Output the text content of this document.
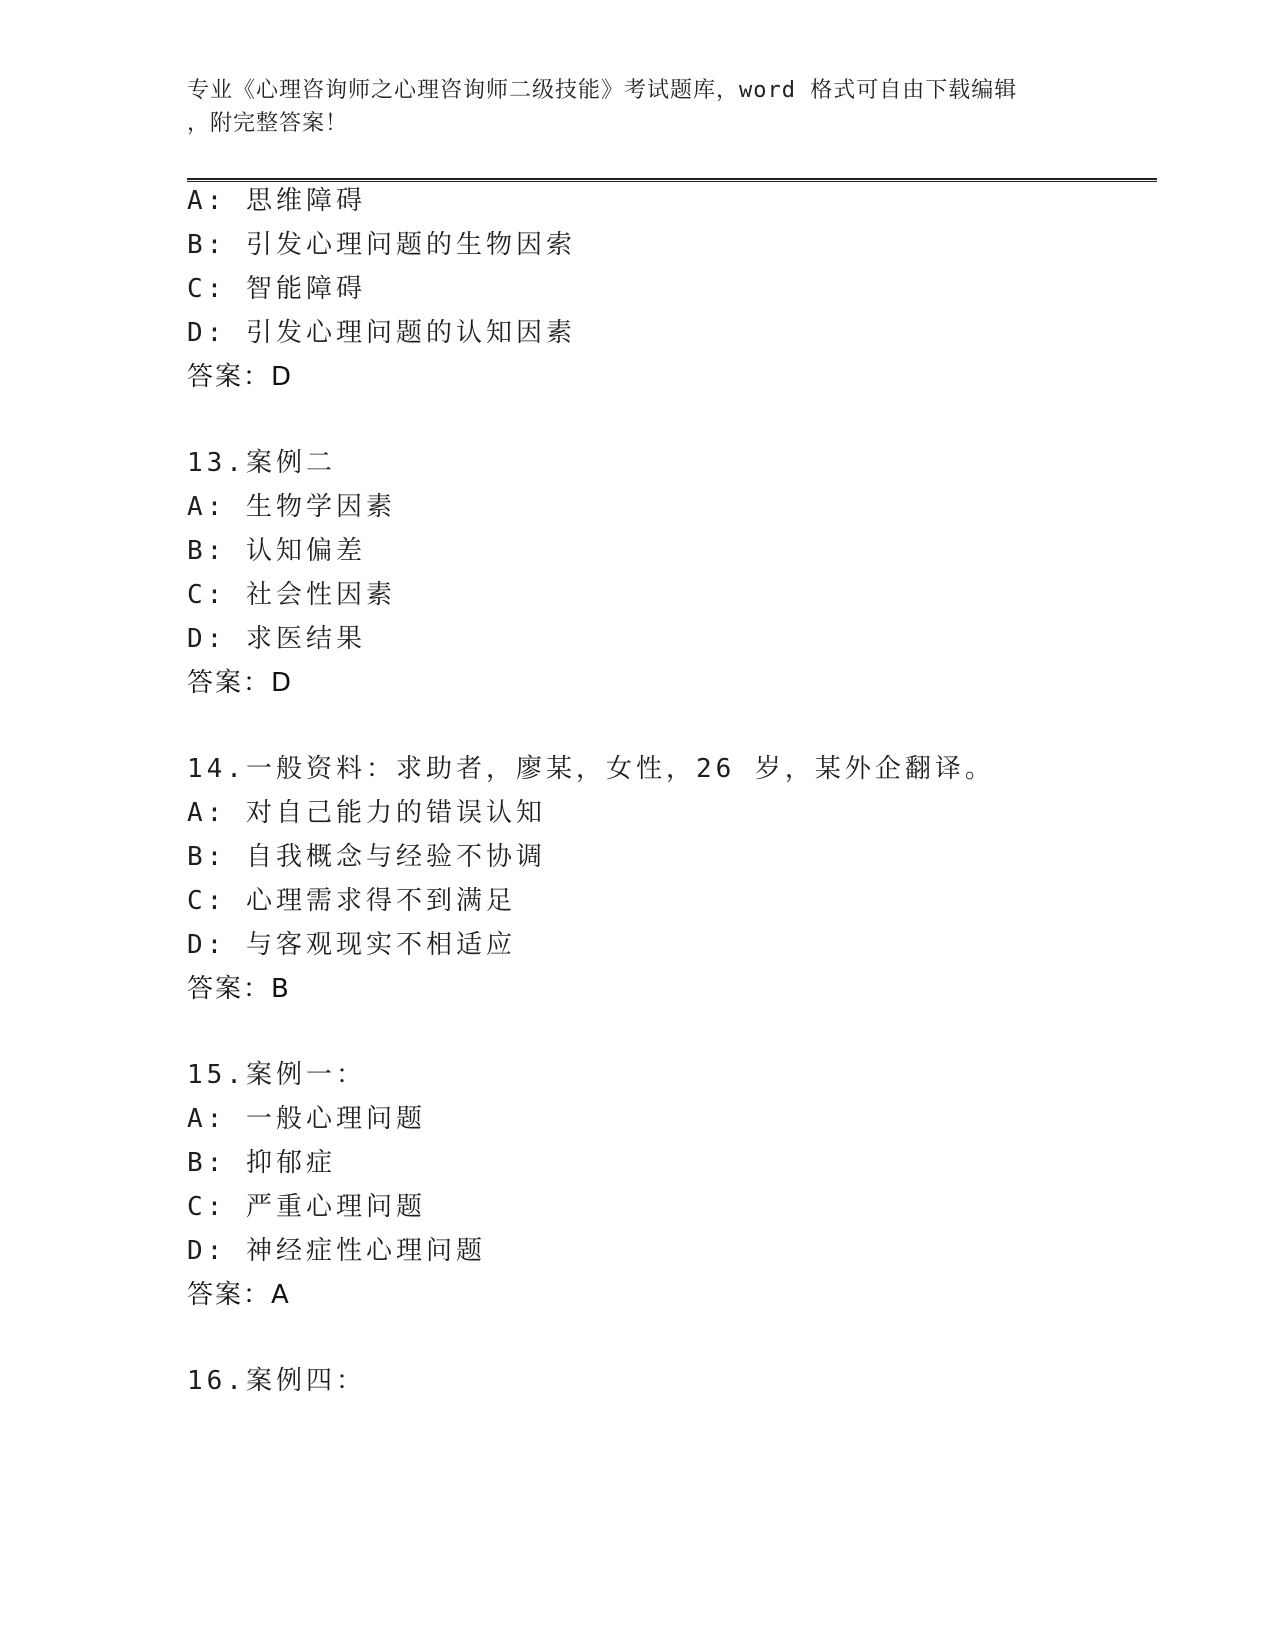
专业《心理咨询师之心理咨询师二级技能》考试题库，word 格式可自由下载编辑
，附完整答案！
A: 思维障碍
B: 引发心理问题的生物因索
C: 智能障碍
D: 引发心理问题的认知因素
答案：D
13.案例二
A: 生物学因素
B: 认知偏差
C: 社会性因素
D: 求医结果
答案：D
14.一般资料：求助者，廖某，女性，26 岁，某外企翻译。
A: 对自己能力的错误认知
B: 自我概念与经验不协调
C: 心理需求得不到满足
D: 与客观现实不相适应
答案：B
15.案例一：
A: 一般心理问题
B: 抑郁症
C: 严重心理问题
D: 神经症性心理问题
答案：A
16.案例四：
